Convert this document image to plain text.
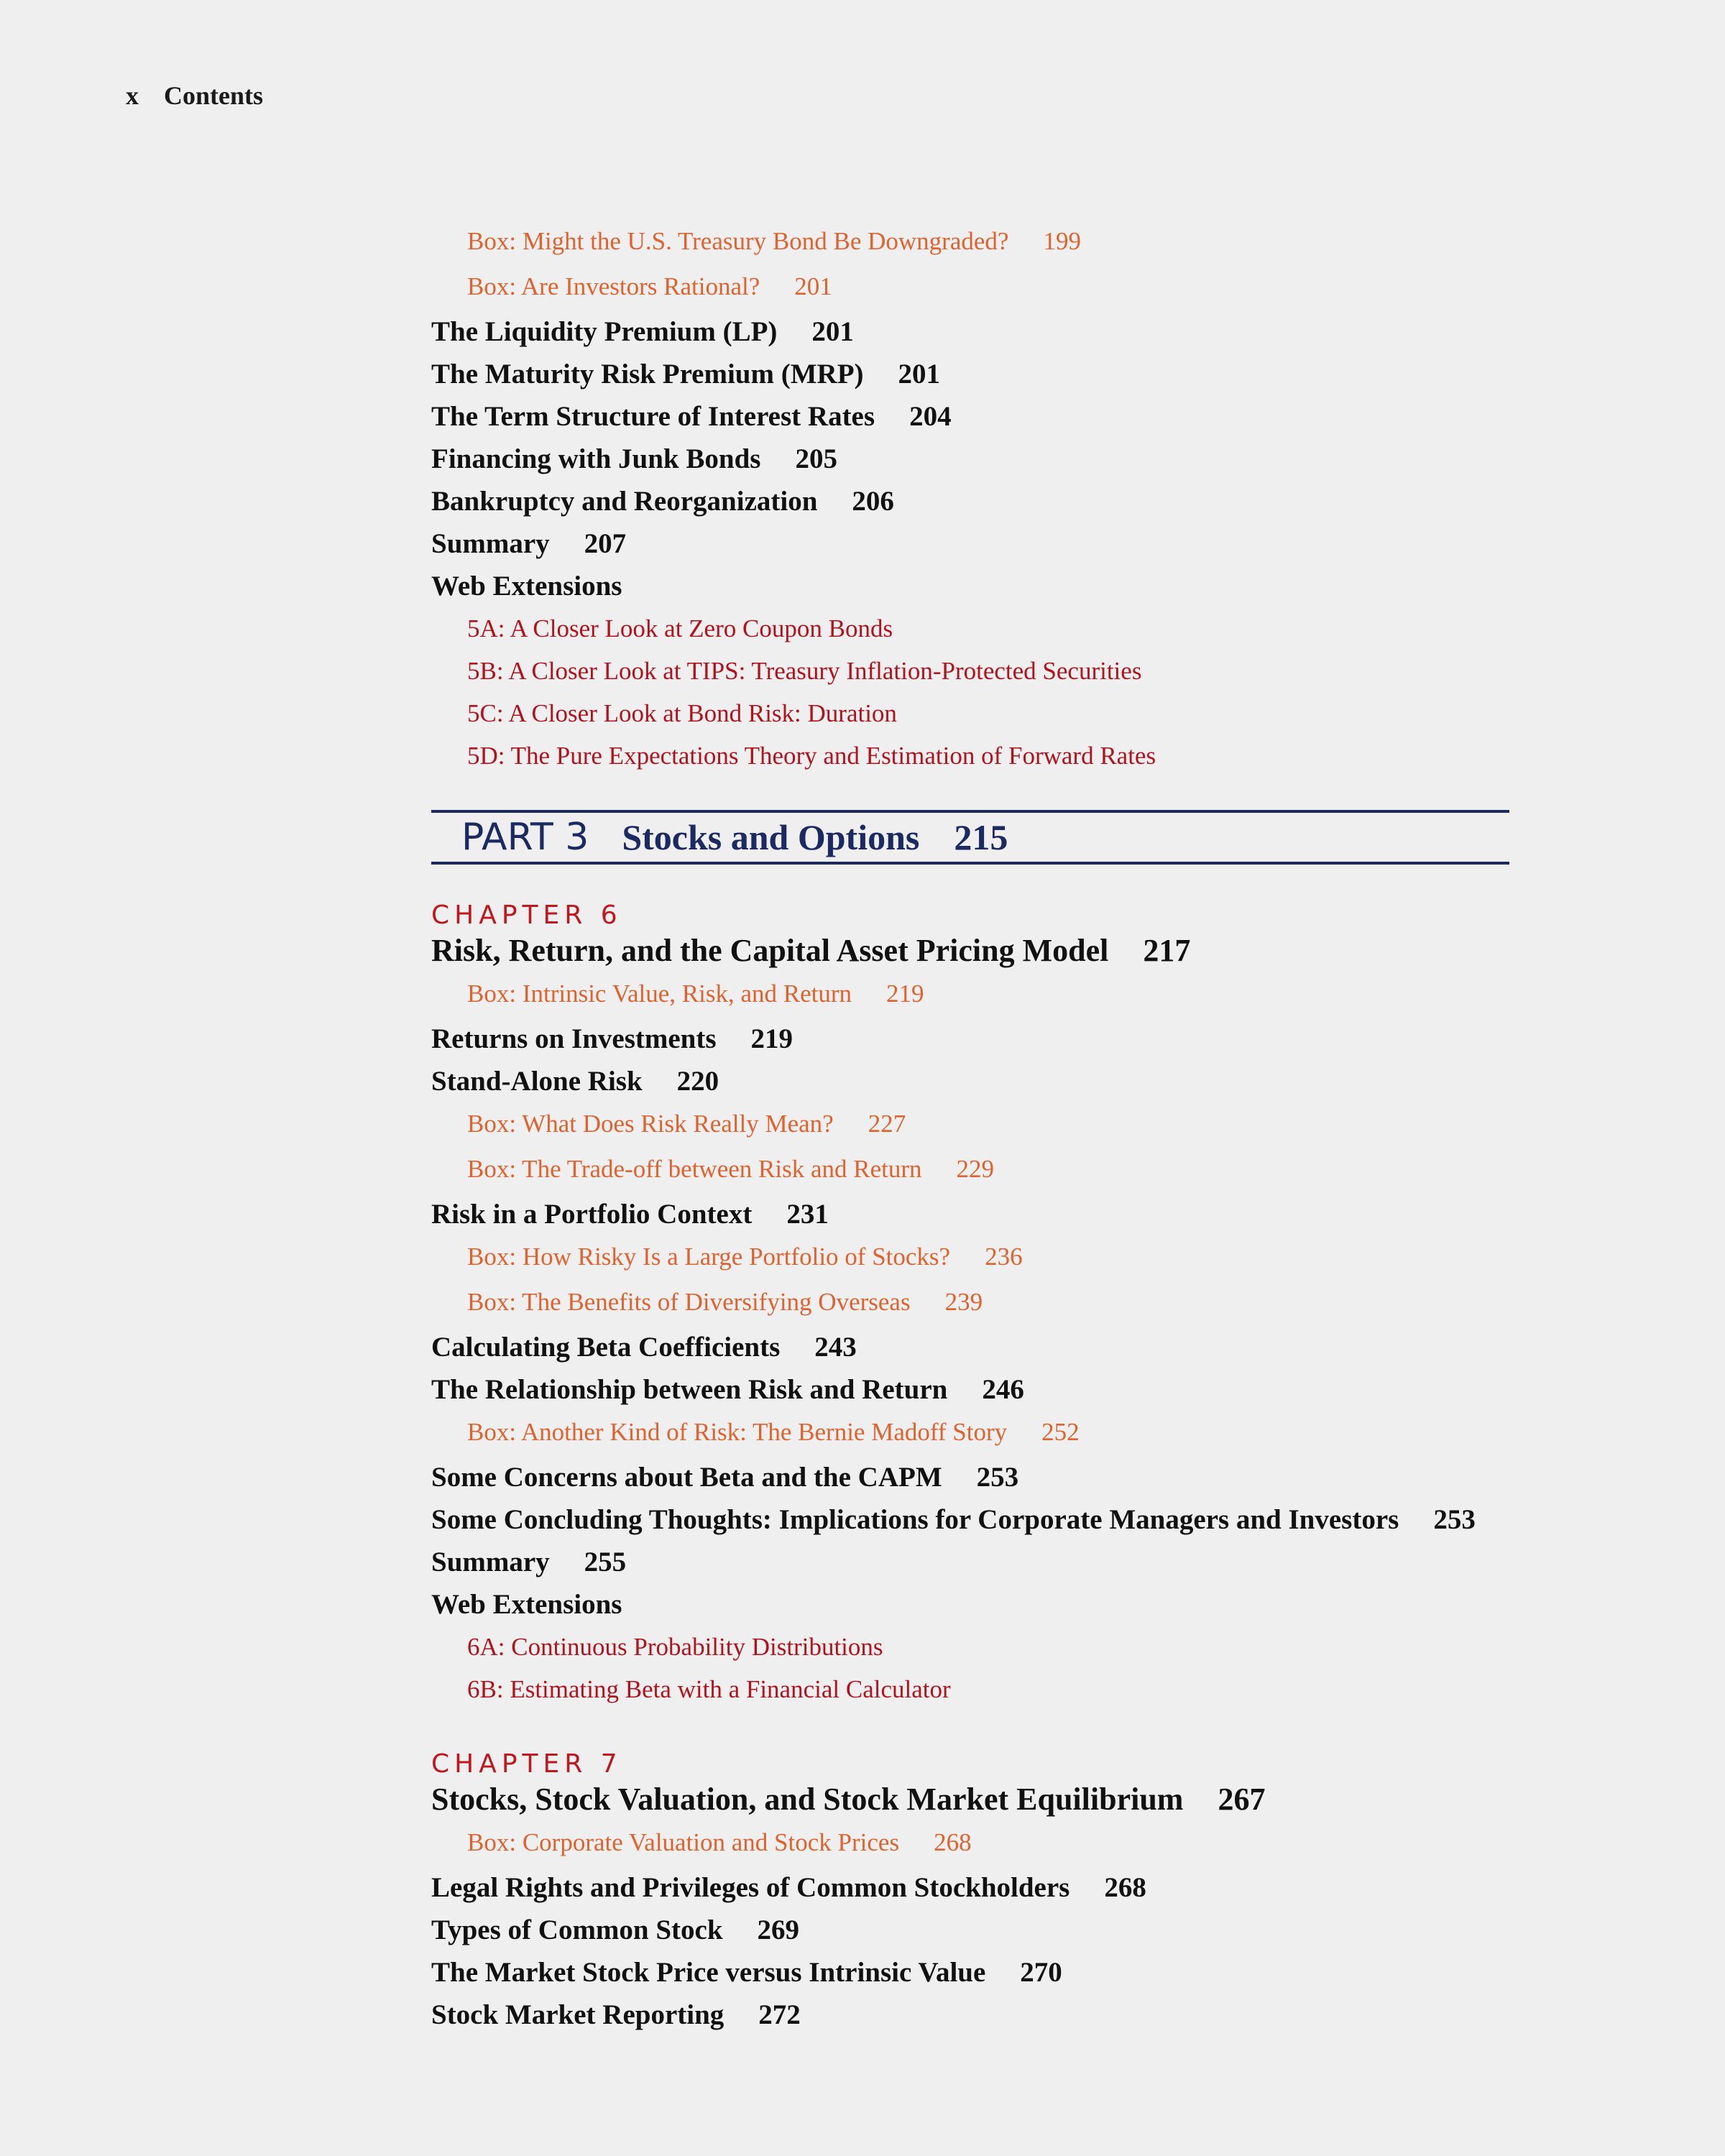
x Contents
Box: Might the U.S. Treasury Bond Be Downgraded? 199
Box: Are Investors Rational? 201
The Liquidity Premium (LP) 201
The Maturity Risk Premium (MRP) 201
The Term Structure of Interest Rates 204
Financing with Junk Bonds 205
Bankruptcy and Reorganization 206
Summary 207
Web Extensions
5A: A Closer Look at Zero Coupon Bonds
5B: A Closer Look at TIPS: Treasury Inflation-Protected Securities
5C: A Closer Look at Bond Risk: Duration
5D: The Pure Expectations Theory and Estimation of Forward Rates
PART 3 Stocks and Options 215
CHAPTER 6
Risk, Return, and the Capital Asset Pricing Model 217
Box: Intrinsic Value, Risk, and Return 219
Returns on Investments 219
Stand-Alone Risk 220
Box: What Does Risk Really Mean? 227
Box: The Trade-off between Risk and Return 229
Risk in a Portfolio Context 231
Box: How Risky Is a Large Portfolio of Stocks? 236
Box: The Benefits of Diversifying Overseas 239
Calculating Beta Coefficients 243
The Relationship between Risk and Return 246
Box: Another Kind of Risk: The Bernie Madoff Story 252
Some Concerns about Beta and the CAPM 253
Some Concluding Thoughts: Implications for Corporate Managers and Investors 253
Summary 255
Web Extensions
6A: Continuous Probability Distributions
6B: Estimating Beta with a Financial Calculator
CHAPTER 7
Stocks, Stock Valuation, and Stock Market Equilibrium 267
Box: Corporate Valuation and Stock Prices 268
Legal Rights and Privileges of Common Stockholders 268
Types of Common Stock 269
The Market Stock Price versus Intrinsic Value 270
Stock Market Reporting 272
